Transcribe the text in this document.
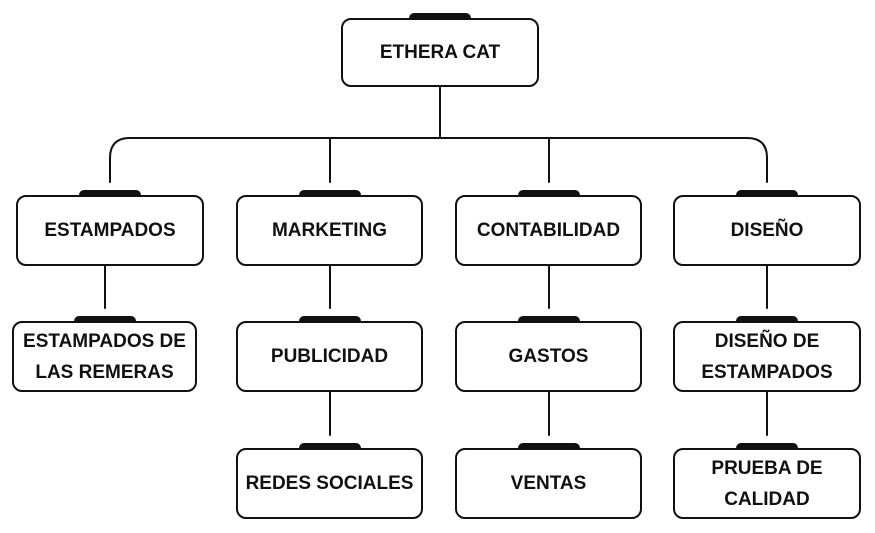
ETHERA CAT
ESTAMPADOS	MARKETING	CONTABILIDAD	DISEÑO
ESTAMPADOS DE
LAS REMERAS
PUBLICIDAD	GASTOS
DISEÑO DE
ESTAMPADOS
REDES SOCIALES	VENTAS
PRUEBA DE
CALIDAD
